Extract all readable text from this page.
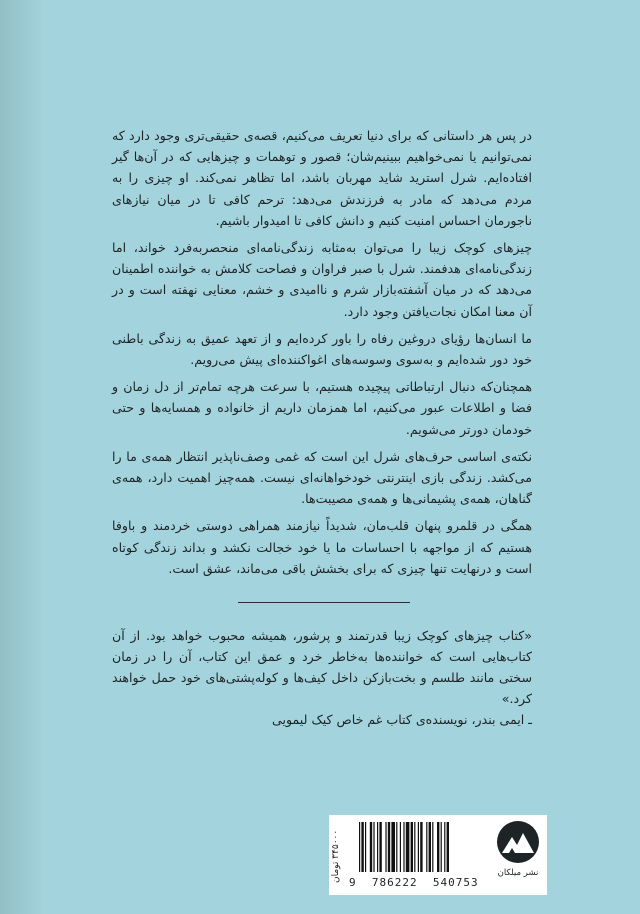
در پس هر داستانی که برای دنیا تعریف می‌کنیم، قصه‌ی حقیقی‌تری وجود دارد که نمی‌توانیم یا نمی‌خواهیم ببینیم‌شان؛ قصور و توهمات و چیزهایی که در آن‌ها گیر افتاده‌ایم. شرل استرید شاید مهربان باشد، اما تظاهر نمی‌کند. او چیزی را به مردم می‌دهد که مادر به فرزندش می‌دهد: ترحم کافی تا در میان نیازهای ناجورمان احساس امنیت کنیم و دانش کافی تا امیدوار باشیم.

چیزهای کوچک زیبا را می‌توان به‌مثابه زندگی‌نامه‌ای منحصربه‌فرد خواند، اما زندگی‌نامه‌ای هدفمند. شرل با صبر فراوان و فصاحت کلامش به خواننده اطمینان می‌دهد که در میان آشفته‌بازار شرم و ناامیدی و خشم، معنایی نهفته است و در آن معنا امکان نجات‌یافتن وجود دارد.

ما انسان‌ها رؤیای دروغین رفاه را باور کرده‌ایم و از تعهد عمیق به زندگی باطنی خود دور شده‌ایم و به‌سوی وسوسه‌های اغواکننده‌ای پیش می‌رویم.

همچنان‌که دنبال ارتباطاتی پیچیده هستیم، با سرعت هرچه تمام‌تر از دل زمان و فضا و اطلاعات عبور می‌کنیم، اما همزمان داریم از خانواده و همسایه‌ها و حتی خودمان دورتر می‌شویم.

نکته‌ی اساسی حرف‌های شرل این است که غمی وصف‌ناپذیر انتظار همه‌ی ما را می‌کشد. زندگی بازی اینترنتی خودخواهانه‌ای نیست. همه‌چیز اهمیت دارد، همه‌ی گناهان، همه‌ی پشیمانی‌ها و همه‌ی مصیبت‌ها.

همگی در قلمرو پنهان قلب‌مان، شدیداً نیازمند همراهی دوستی خردمند و باوفا هستیم که از مواجهه با احساسات ما یا خود خجالت نکشد و بداند زندگی کوتاه است و درنهایت تنها چیزی که برای بخشش باقی می‌ماند، عشق است.

«کتاب چیزهای کوچک زیبا قدرتمند و پرشور، همیشه محبوب خواهد بود. از آن کتاب‌هایی است که خواننده‌ها به‌خاطر خرد و عمق این کتاب، آن را در زمان سختی مانند طلسم و بخت‌بازکن داخل کیف‌ها و کوله‌پشتی‌های خود حمل خواهند کرد.»

ـ ایمی بندر، نویسنده‌ی کتاب غم خاص کیک لیمویی

۳۴۵۰۰۰ تومان
9  786222  540753
نشر میلکان
